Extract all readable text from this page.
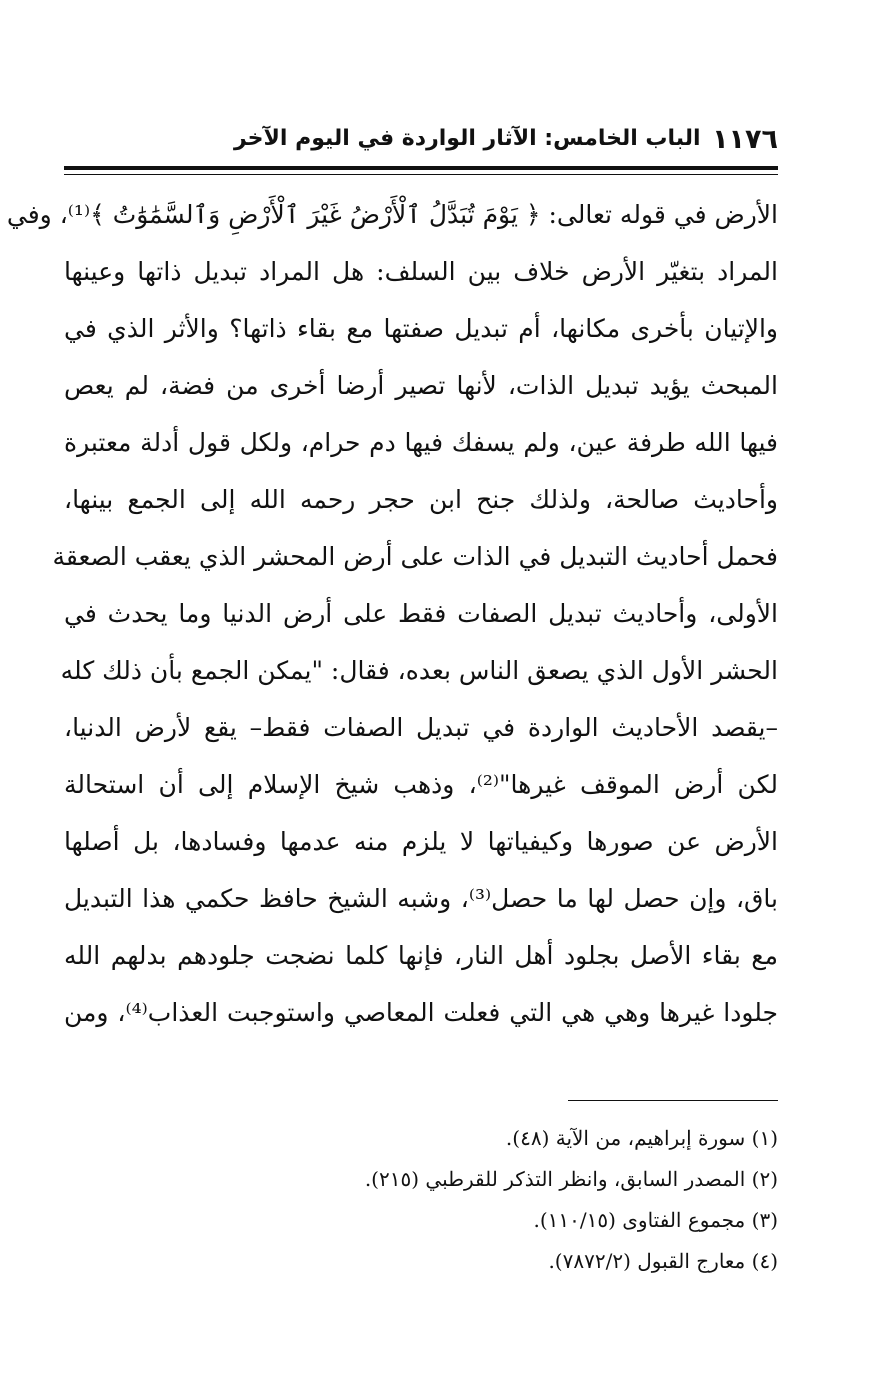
١١٧٦
الباب الخامس: الآثار الواردة في اليوم الآخر
الأرض في قوله تعالى: ﴿ يَوْمَ تُبَدَّلُ ٱلْأَرْضُ غَيْرَ ٱلْأَرْضِ وَٱلسَّمَٰوَٰتُ ﴾⁽¹⁾، وفي
المراد بتغيّر الأرض خلاف بين السلف: هل المراد تبديل ذاتها وعينها
والإتيان بأخرى مكانها، أم تبديل صفتها مع بقاء ذاتها؟ والأثر الذي في
المبحث يؤيد تبديل الذات، لأنها تصير أرضا أخرى من فضة، لم يعص
فيها الله طرفة عين، ولم يسفك فيها دم حرام، ولكل قول أدلة معتبرة
وأحاديث صالحة، ولذلك جنح ابن حجر رحمه الله إلى الجمع بينها،
فحمل أحاديث التبديل في الذات على أرض المحشر الذي يعقب الصعقة
الأولى، وأحاديث تبديل الصفات فقط على أرض الدنيا وما يحدث في
الحشر الأول الذي يصعق الناس بعده، فقال: "يمكن الجمع بأن ذلك كله
–يقصد الأحاديث الواردة في تبديل الصفات فقط– يقع لأرض الدنيا،
لكن أرض الموقف غيرها"⁽²⁾، وذهب شيخ الإسلام إلى أن استحالة
الأرض عن صورها وكيفياتها لا يلزم منه عدمها وفسادها، بل أصلها
باق، وإن حصل لها ما حصل⁽³⁾، وشبه الشيخ حافظ حكمي هذا التبديل
مع بقاء الأصل بجلود أهل النار، فإنها كلما نضجت جلودهم بدلهم الله
جلودا غيرها وهي هي التي فعلت المعاصي واستوجبت العذاب⁽⁴⁾، ومن
(١) سورة إبراهيم، من الآية (٤٨).
(٢) المصدر السابق، وانظر التذكر للقرطبي (٢١٥).
(٣) مجموع الفتاوى (١١٠/١٥).
(٤) معارج القبول (٧٨٧٢/٢).
